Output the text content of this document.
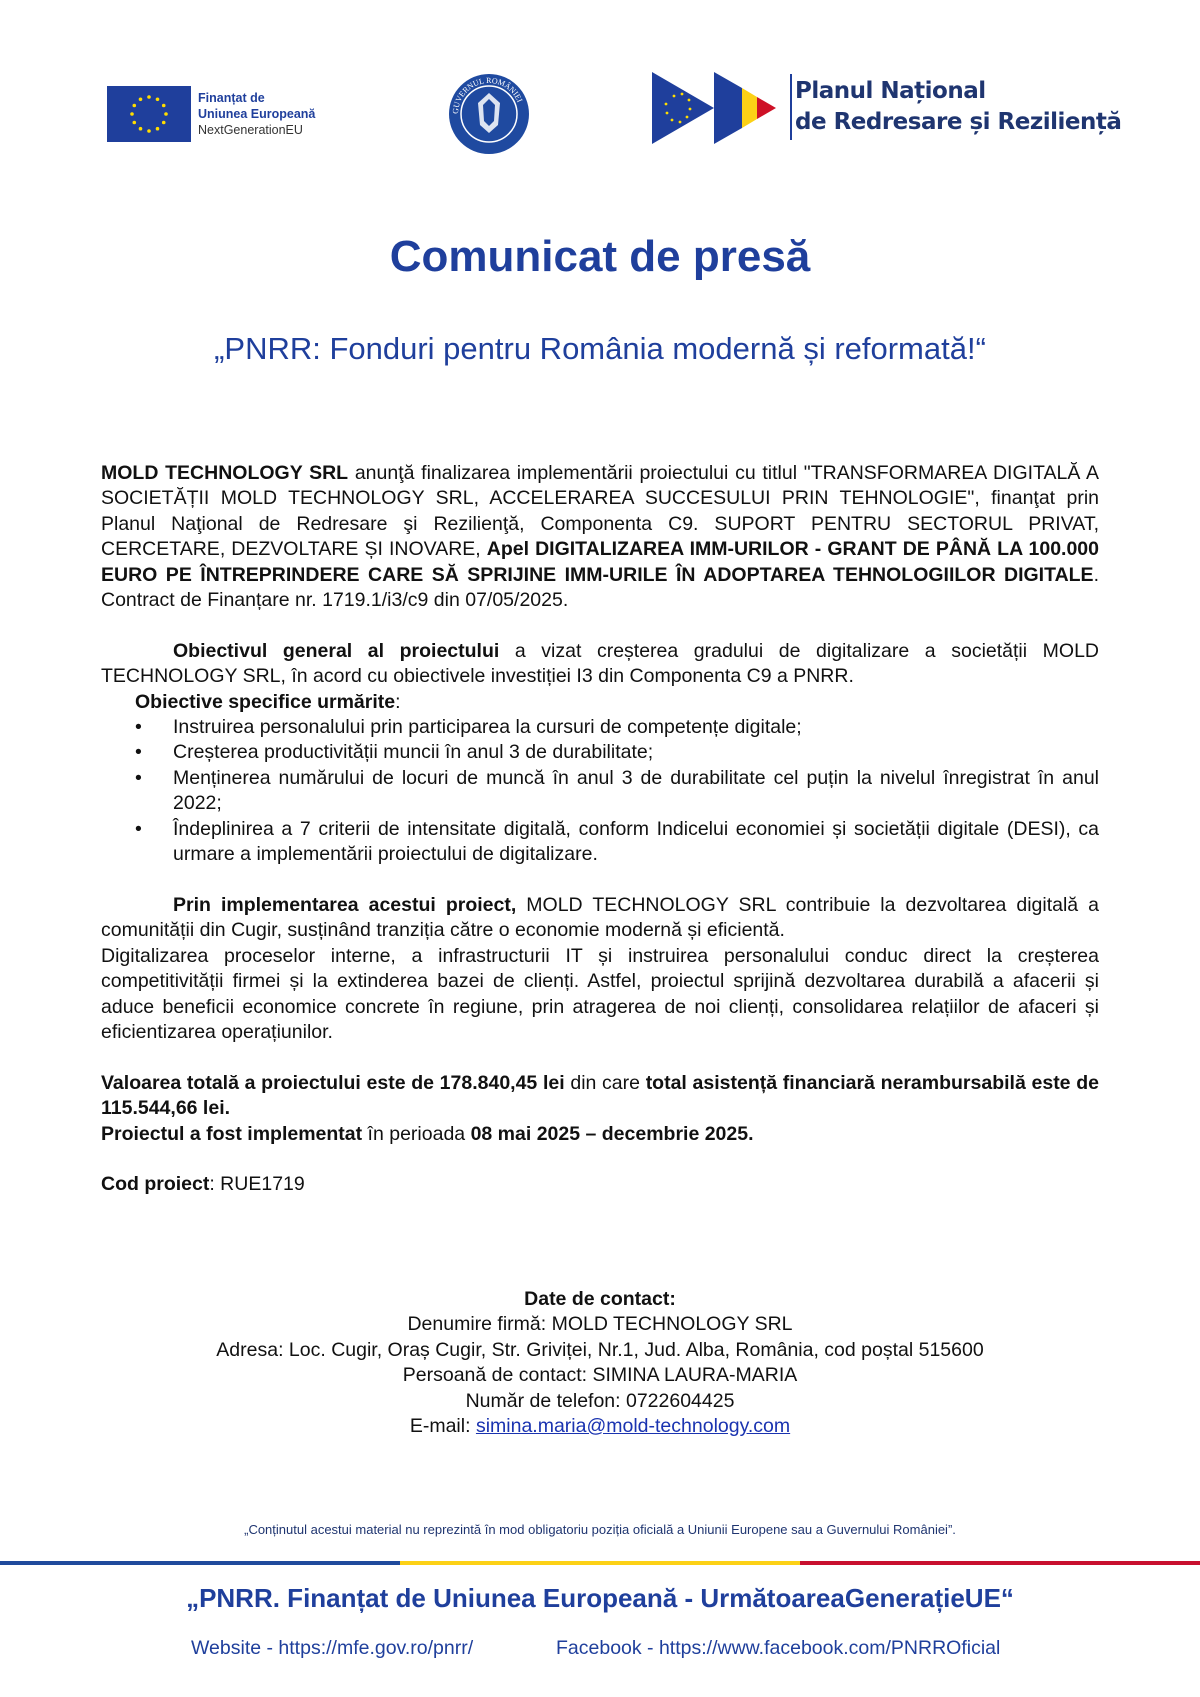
Finanțat de
Uniunea Europeană
NextGenerationEU
GUVERNUL ROMÂNIEI	Planul Național
de Redresare și Reziliență
Comunicat de presă
„PNRR: Fonduri pentru România modernă și reformată!“

MOLD TECHNOLOGY SRL anunţă finalizarea implementării proiectului cu titlul "TRANSFORMAREA DIGITALĂ A SOCIETĂȚII MOLD TECHNOLOGY SRL, ACCELERAREA SUCCESULUI PRIN TEHNOLOGIE", finanţat prin Planul Naţional de Redresare şi Rezilienţă, Componenta C9. SUPORT PENTRU SECTORUL PRIVAT, CERCETARE, DEZVOLTARE ȘI INOVARE, Apel DIGITALIZAREA IMM-URILOR - GRANT DE PÂNĂ LA 100.000 EURO PE ÎNTREPRINDERE CARE SĂ SPRIJINE IMM-URILE ÎN ADOPTAREA TEHNOLOGIILOR DIGITALE. Contract de Finanțare nr. 1719.1/i3/c9 din 07/05/2025.

Obiectivul general al proiectului a vizat creșterea gradului de digitalizare a societății MOLD TECHNOLOGY SRL, în acord cu obiectivele investiției I3 din Componenta C9 a PNRR.

Obiective specifice urmărite:

• Instruirea personalului prin participarea la cursuri de competențe digitale;
• Creșterea productivității muncii în anul 3 de durabilitate;
• Menținerea numărului de locuri de muncă în anul 3 de durabilitate cel puțin la nivelul înregistrat în anul 2022;
• Îndeplinirea a 7 criterii de intensitate digitală, conform Indicelui economiei și societății digitale (DESI), ca urmare a implementării proiectului de digitalizare.

Prin implementarea acestui proiect, MOLD TECHNOLOGY SRL contribuie la dezvoltarea digitală a comunității din Cugir, susținând tranziția către o economie modernă și eficientă.

Digitalizarea proceselor interne, a infrastructurii IT și instruirea personalului conduc direct la creșterea competitivității firmei și la extinderea bazei de clienți. Astfel, proiectul sprijină dezvoltarea durabilă a afacerii și aduce beneficii economice concrete în regiune, prin atragerea de noi clienți, consolidarea relațiilor de afaceri și eficientizarea operațiunilor.

Valoarea totală a proiectului este de 178.840,45 lei din care total asistență financiară nerambursabilă este de 115.544,66 lei.

Proiectul a fost implementat în perioada 08 mai 2025 – decembrie 2025.

Cod proiect: RUE1719

Date de contact:
Denumire firmă: MOLD TECHNOLOGY SRL
Adresa: Loc. Cugir, Oraș Cugir, Str. Griviței, Nr.1, Jud. Alba, România, cod poștal 515600
Persoană de contact: SIMINA LAURA-MARIA
Număr de telefon: 0722604425
E-mail: simina.maria@mold-technology.com
„Conținutul acestui material nu reprezintă în mod obligatoriu poziția oficială a Uniunii Europene sau a Guvernului României”.
„PNRR. Finanțat de Uniunea Europeană - UrmătoareaGenerațieUE“
Website - https://mfe.gov.ro/pnrr/	Facebook - https://www.facebook.com/PNRROficial
